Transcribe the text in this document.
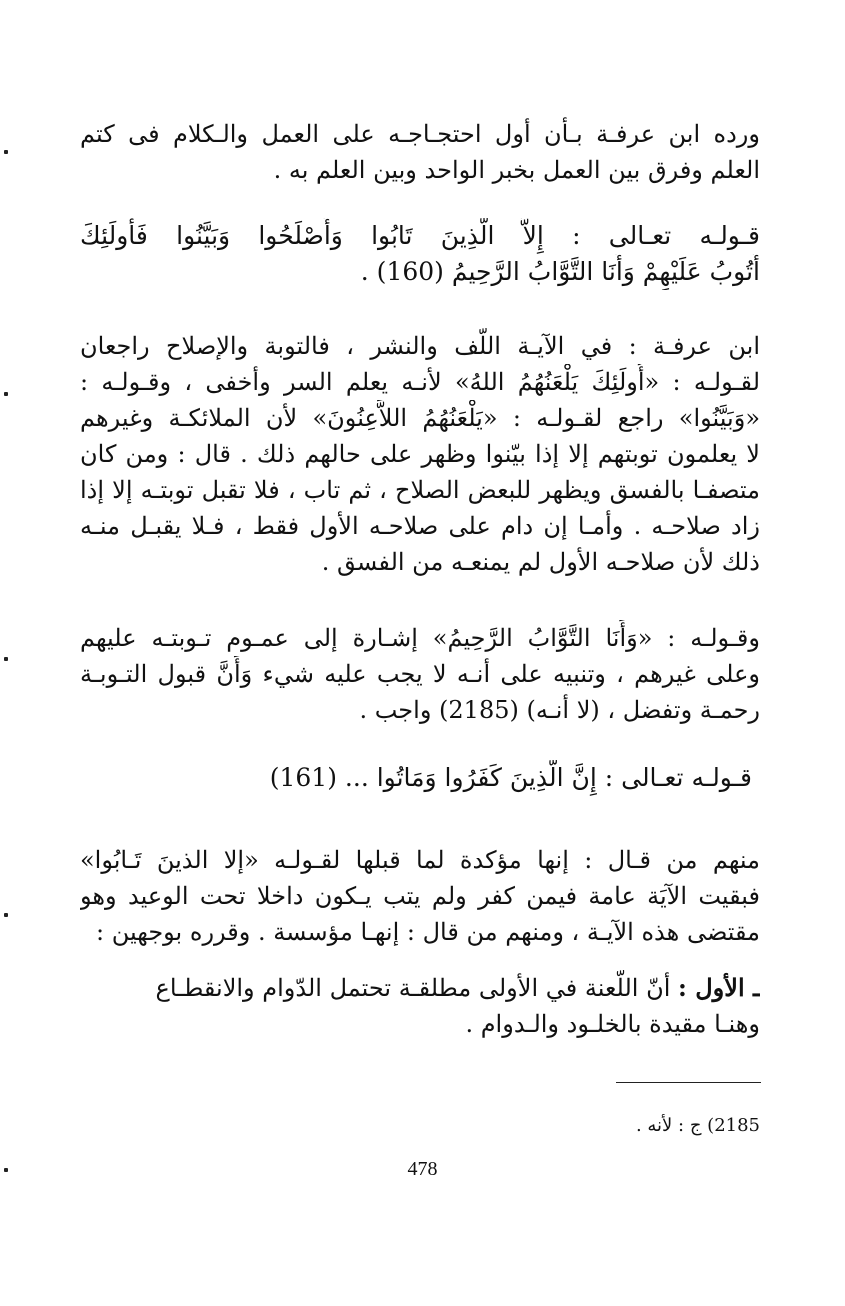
ورده ابن عرفـة بـأن أول احتجـاجـه على العمل والـكلام فى كتم
العلم وفرق بين العمل بخبر الواحد وبين العلم به .
قـولـه تعـالى : إِلاَّ الَّذِينَ تَابُوا وَأَصْلَحُوا وَبَيَّنُوا فَأُولَئِكَ
أَتُوبُ عَلَيْهِمْ وَأَنَا التَّوَّابُ الرَّحِيمُ (160) .
ابن عرفـة : في الآيـة اللّف والنشر ، فالتوبة والإصلاح راجعان
لقـولـه : «أُولَئِكَ يَلْعَنُهُمُ اللهُ» لأنـه يعلم السر وأخفى ، وقـولـه :
«وَبَيَّنُوا» راجع لقـولـه : «يَلْعَنُهُمُ اللاَّعِنُونَ» لأن الملائكـة وغيرهم
لا يعلمون توبتهم إلا إذا بيّنوا وظهر على حالهم ذلك . قال : ومن كان
متصفـا بالفسق ويظهر للبعض الصلاح ، ثم تاب ، فلا تقبل توبتـه إلا إذا
زاد صلاحـه . وأمـا إن دام على صلاحـه الأول فقط ، فـلا يقبـل منـه
ذلك لأن صلاحـه الأول لم يمنعـه من الفسق .
وقـولـه : «وَأَنَا التَّوَّابُ الرَّحِيمُ» إشـارة إلى عمـوم تـوبتـه عليهم
وعلى غيرهم ، وتنبيه على أنـه لا يجب عليه شيء وَأَنَّ قبول التـوبـة
رحمـة وتفضل ، (لا أنـه) (2185) واجب .
قـولـه تعـالى : إِنَّ الَّذِينَ كَفَرُوا وَمَاتُوا ... (161)
منهم من قـال : إنها مؤكدة لما قبلها لقـولـه «إلا الذينَ تَـابُوا»
فبقيت الآيَة عامة فيمن كفر ولم يتب يـكون داخلا تحت الوعيد وهو
مقتضى هذه الآيـة ، ومنهم من قال : إنهـا مؤسسة . وقرره بوجهين :
ـ الأول : أنّ اللّعنة في الأولى مطلقـة تحتمل الدّوام والانقطـاع
وهنـا مقيدة بالخلـود والـدوام .
2185) ج : لأنه .
478
